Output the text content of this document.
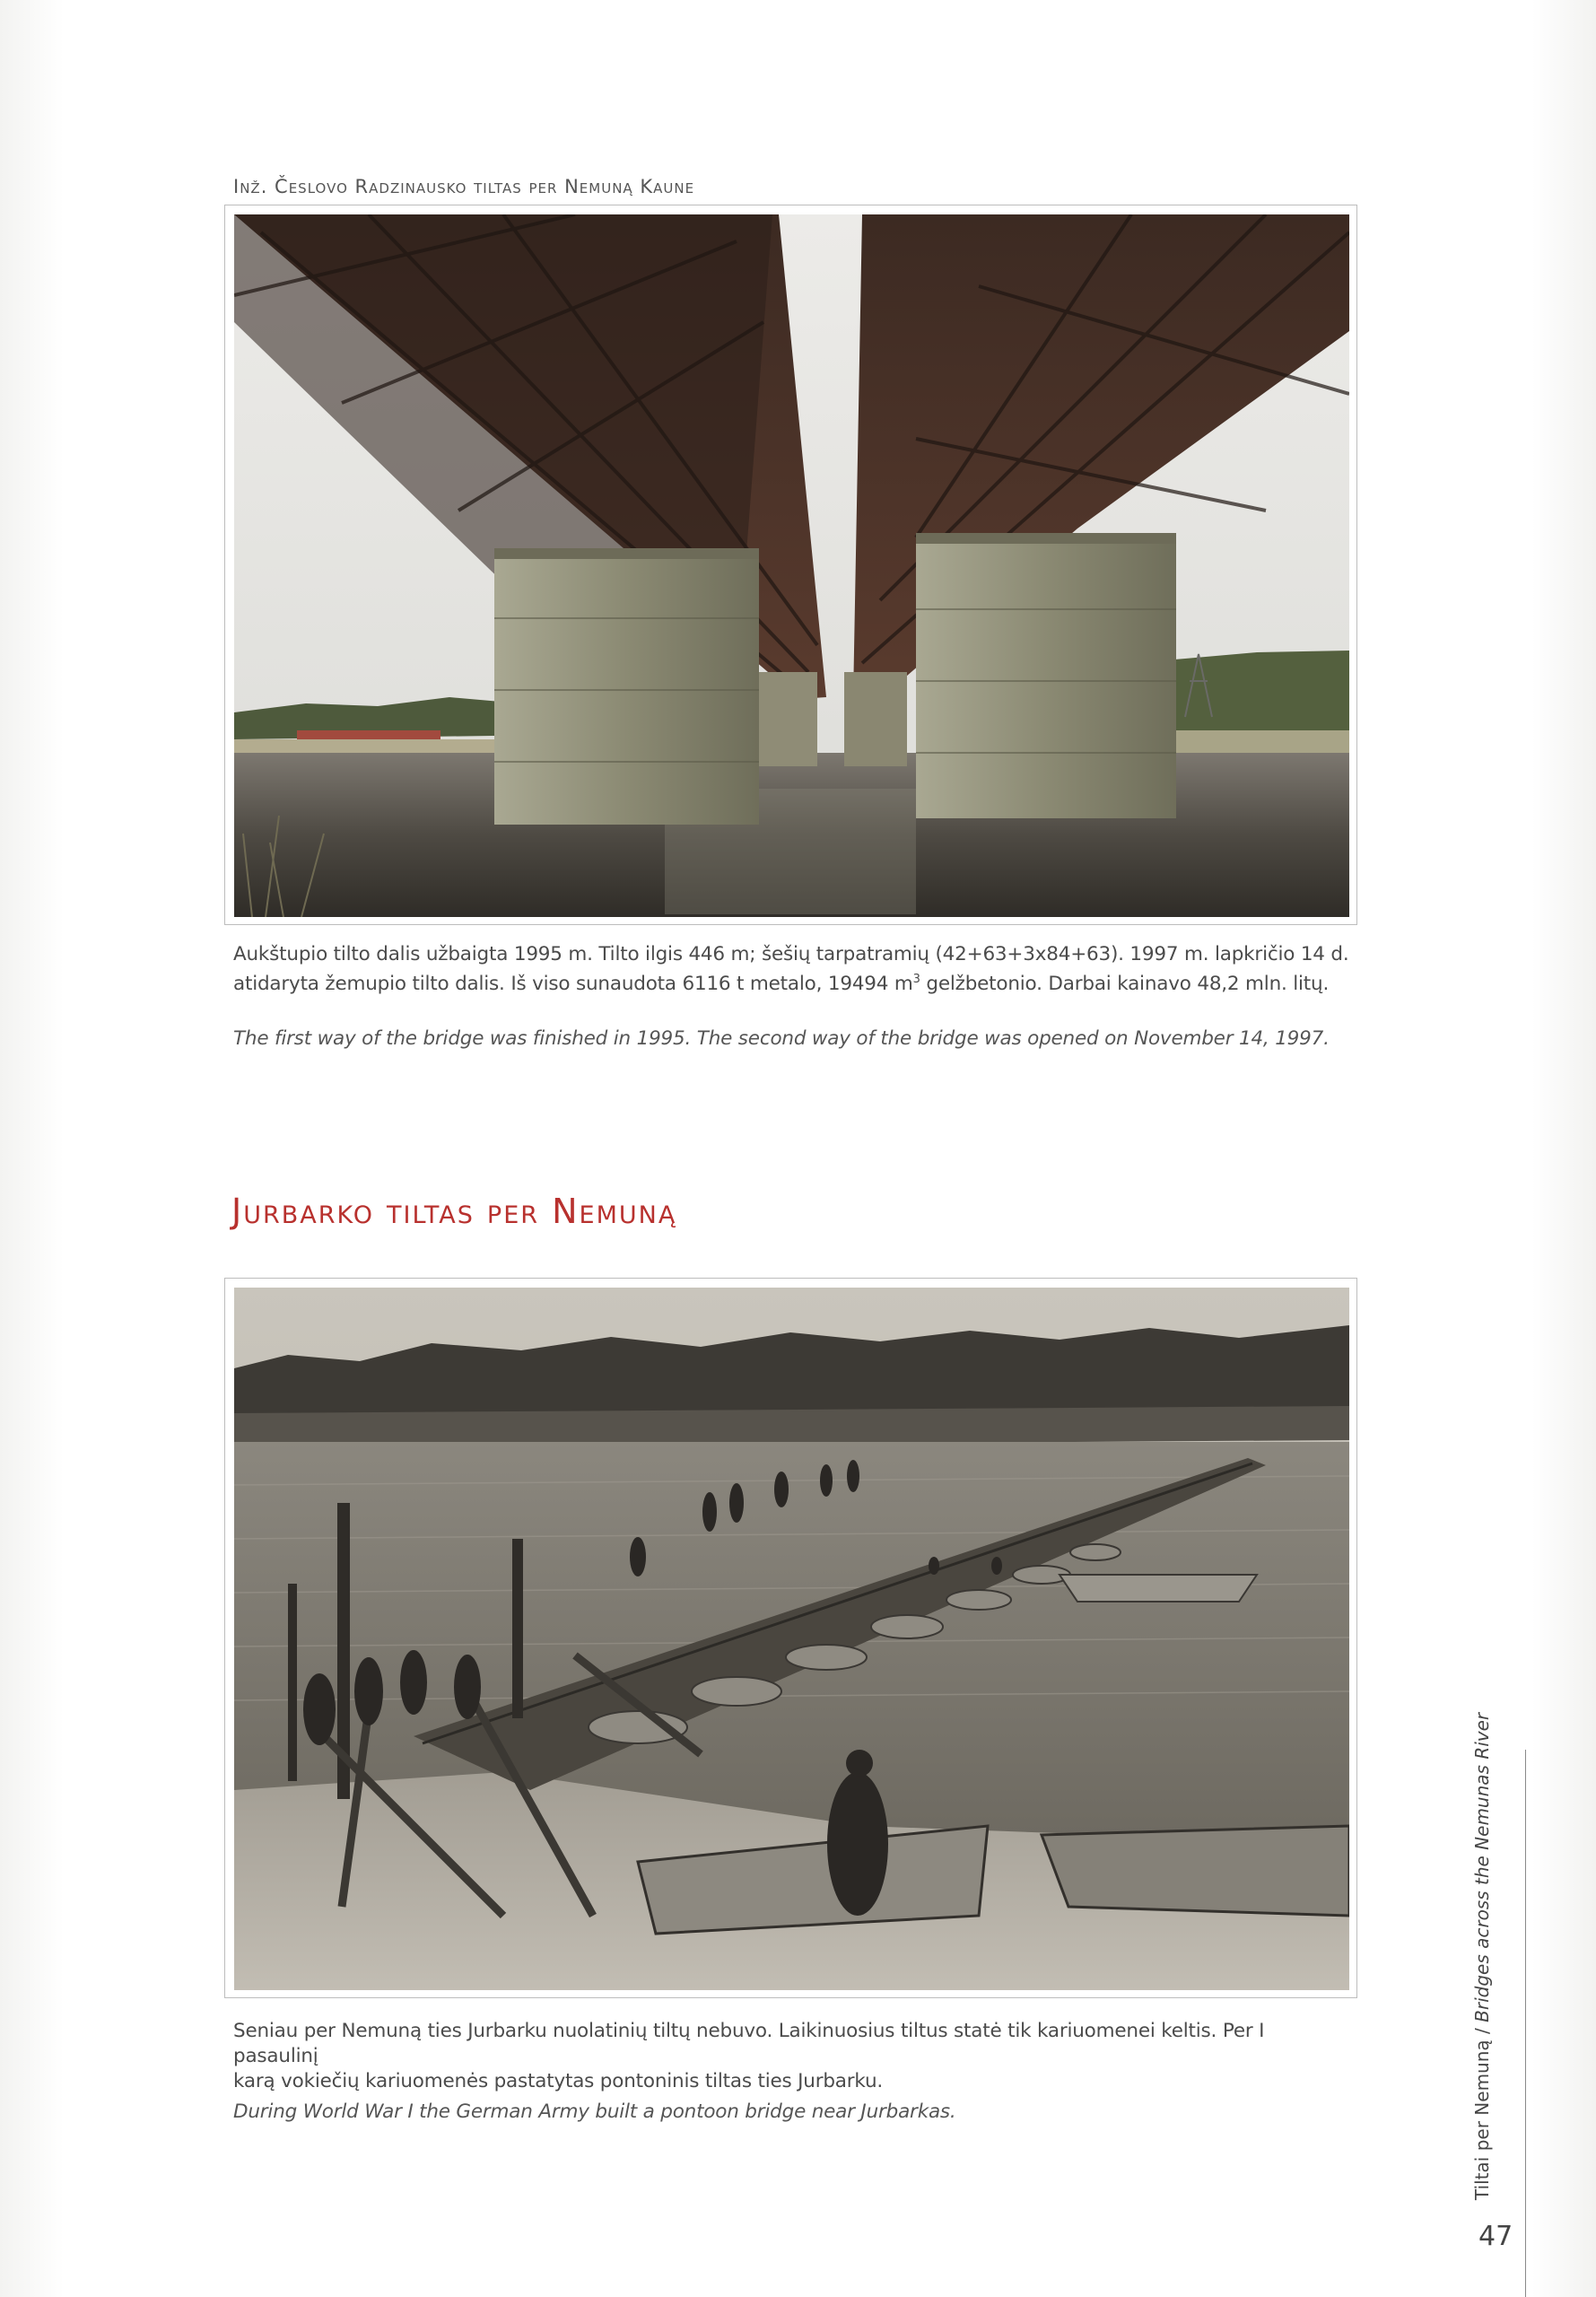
Inž. Česlovo Radzinausko tiltas per Nemuną Kaune
Aukštupio tilto dalis užbaigta 1995 m. Tilto ilgis 446 m; šešių tarpatramių (42+63+3x84+63). 1997 m. lapkričio 14 d.
atidaryta žemupio tilto dalis. Iš viso sunaudota 6116 t metalo, 19494 $m^3$ gelžbetonio. Darbai kainavo 48,2 mln. litų.
The first way of the bridge was finished in 1995. The second way of the bridge was opened on November 14, 1997.
Jurbarko tiltas per Nemuną
Seniau per Nemuną ties Jurbarku nuolatinių tiltų nebuvo. Laikinuosius tiltus statė tik kariuomenei keltis. Per I pasaulinį
karą vokiečių kariuomenės pastatytas pontoninis tiltas ties Jurbarku.
During World War I the German Army built a pontoon bridge near Jurbarkas.	Tiltai per Nemuną / Bridges across the Nemunas River
47
